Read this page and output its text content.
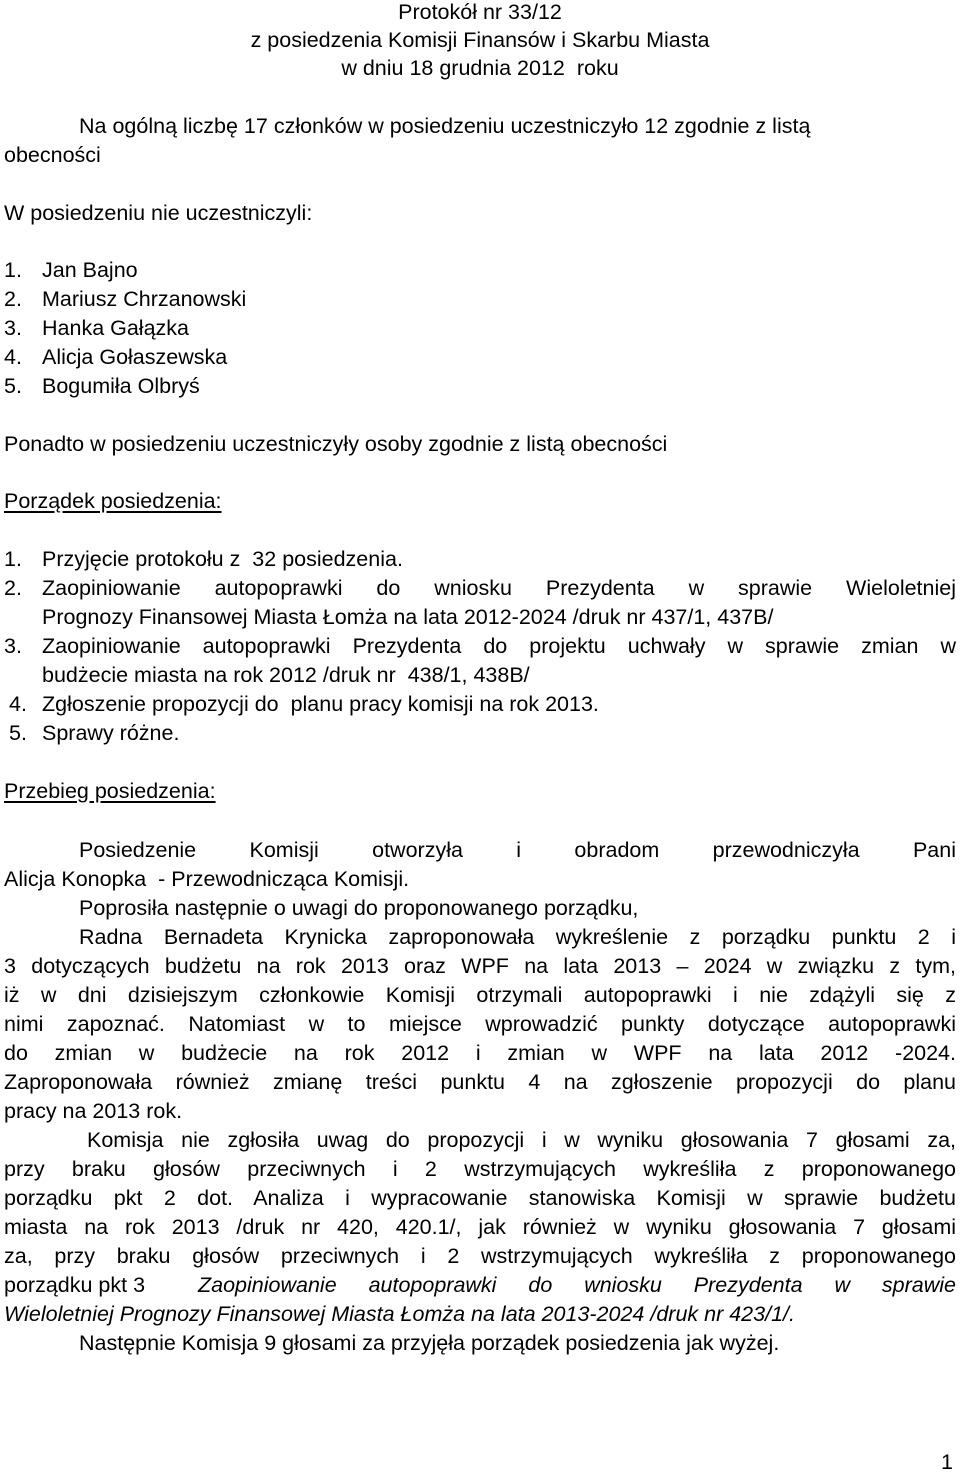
Protokół nr 33/12
z posiedzenia Komisji Finansów i Skarbu Miasta
w dniu 18 grudnia 2012  roku
Na ogólną liczbę 17 członków w posiedzeniu uczestniczyło 12 zgodnie z listą
obecności
W posiedzeniu nie uczestniczyli:
1. Jan Bajno
2. Mariusz Chrzanowski
3. Hanka Gałązka
4. Alicja Gołaszewska
5. Bogumiła Olbryś
Ponadto w posiedzeniu uczestniczyły osoby zgodnie z listą obecności
Porządek posiedzenia:
1. Przyjęcie protokołu z  32 posiedzenia.
2. Zaopiniowanie autopoprawki do wniosku Prezydenta w sprawie Wieloletniej
Prognozy Finansowej Miasta Łomża na lata 2012-2024 /druk nr 437/1, 437B/
3. Zaopiniowanie autopoprawki Prezydenta do projektu uchwały w sprawie zmian w
budżecie miasta na rok 2012 /druk nr  438/1, 438B/
4. Zgłoszenie propozycji do  planu pracy komisji na rok 2013.
5. Sprawy różne.
Przebieg posiedzenia:
Posiedzenie Komisji otworzyła i obradom przewodniczyła Pani
Alicja Konopka  - Przewodnicząca Komisji.
Poprosiła następnie o uwagi do proponowanego porządku,
Radna Bernadeta Krynicka zaproponowała wykreślenie z porządku punktu 2 i
3 dotyczących budżetu na rok 2013 oraz WPF na lata 2013 – 2024 w związku z tym,
iż w dni dzisiejszym członkowie Komisji otrzymali autopoprawki i nie zdążyli się z
nimi zapoznać. Natomiast w to miejsce wprowadzić punkty dotyczące autopoprawki
do zmian w budżecie na rok 2012 i zmian w WPF na lata 2012 -2024.
Zaproponowała również zmianę treści punktu 4 na zgłoszenie propozycji do planu
pracy na 2013 rok.
Komisja nie zgłosiła uwag do propozycji i w wyniku głosowania 7 głosami za,
przy braku głosów przeciwnych i 2 wstrzymujących wykreśliła z proponowanego
porządku pkt 2 dot. Analiza i wypracowanie stanowiska Komisji w sprawie budżetu
miasta na rok 2013 /druk nr 420, 420.1/, jak również w wyniku głosowania 7 głosami
za, przy braku głosów przeciwnych i 2 wstrzymujących wykreśliła z proponowanego
porządku pkt 3 Zaopiniowanie autopoprawki do wniosku Prezydenta w sprawie
Wieloletniej Prognozy Finansowej Miasta Łomża na lata 2013-2024 /druk nr 423/1/.
Następnie Komisja 9 głosami za przyjęła porządek posiedzenia jak wyżej.
1
